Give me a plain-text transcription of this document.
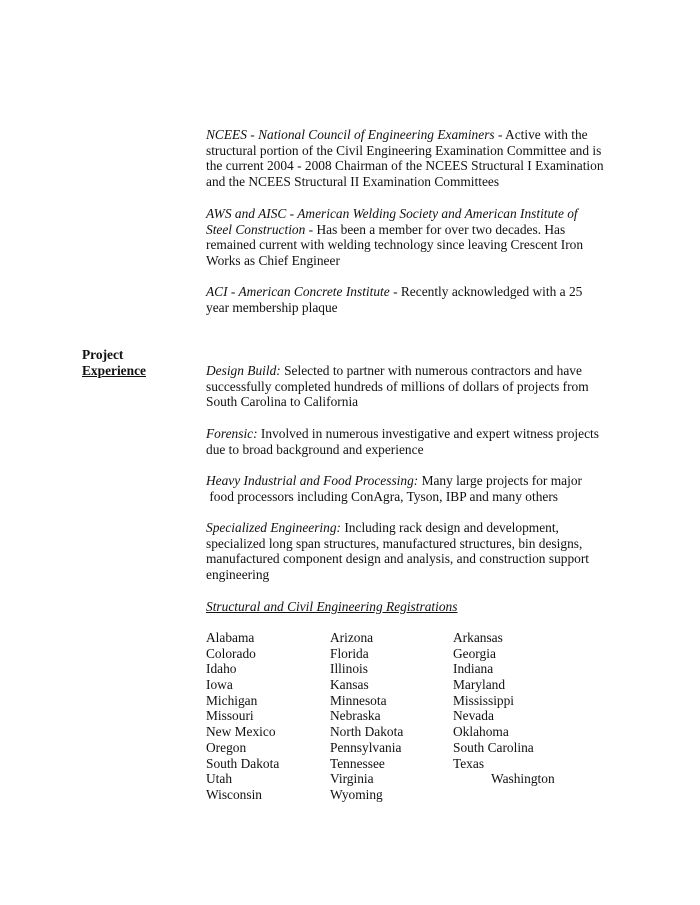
NCEES - National Council of Engineering Examiners - Active with the
structural portion of the Civil Engineering Examination Committee and is
the current 2004 - 2008 Chairman of the NCEES Structural I Examination
and the NCEES Structural II Examination Committees
AWS and AISC - American Welding Society and American Institute of
Steel Construction - Has been a member for over two decades. Has
remained current with welding technology since leaving Crescent Iron
Works as Chief Engineer
ACI - American Concrete Institute - Recently acknowledged with a 25
year membership plaque
Project
Experience	Design Build: Selected to partner with numerous contractors and have
successfully completed hundreds of millions of dollars of projects from
South Carolina to California
Forensic: Involved in numerous investigative and expert witness projects
due to broad background and experience
Heavy Industrial and Food Processing: Many large projects for major
food processors including ConAgra, Tyson, IBP and many others
Specialized Engineering: Including rack design and development,
specialized long span structures, manufactured structures, bin designs,
manufactured component design and analysis, and construction support
engineering
Structural and Civil Engineering Registrations
Alabama	Arizona	Arkansas
Colorado	Florida	Georgia
Idaho	Illinois	Indiana
Iowa	Kansas	Maryland
Michigan	Minnesota	Mississippi
Missouri	Nebraska	Nevada
New Mexico	North Dakota	Oklahoma
Oregon	Pennsylvania	South Carolina
South Dakota	Tennessee	Texas
Utah	Virginia	Washington
Wisconsin	Wyoming
